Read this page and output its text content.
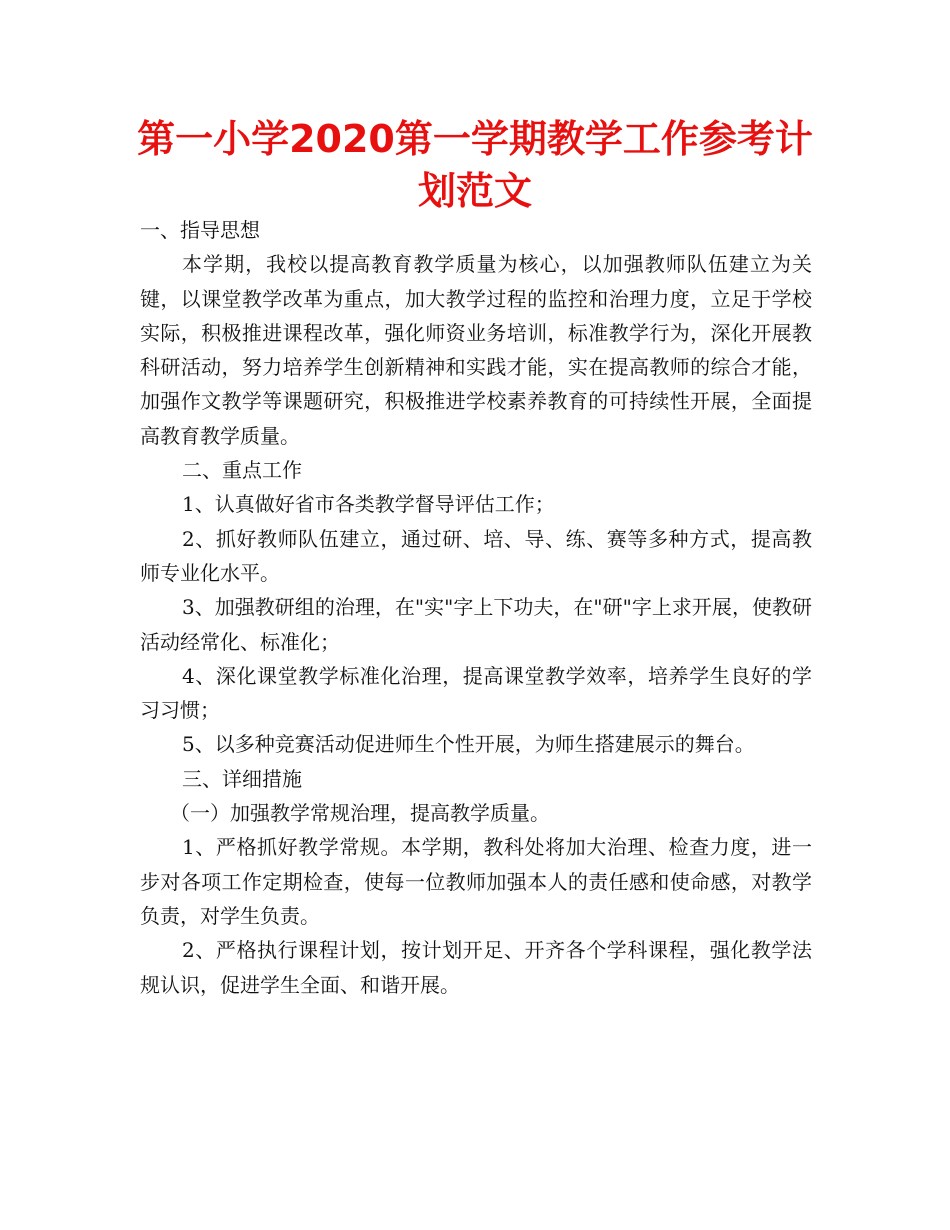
第一小学2020第一学期教学工作参考计划范文

一、指导思想

本学期，我校以提高教育教学质量为核心，以加强教师队伍建立为关键，以课堂教学改革为重点，加大教学过程的监控和治理力度，立足于学校实际，积极推进课程改革，强化师资业务培训，标准教学行为，深化开展教科研活动，努力培养学生创新精神和实践才能，实在提高教师的综合才能，加强作文教学等课题研究，积极推进学校素养教育的可持续性开展，全面提高教育教学质量。

二、重点工作

1、认真做好省市各类教学督导评估工作；

2、抓好教师队伍建立，通过研、培、导、练、赛等多种方式，提高教师专业化水平。

3、加强教研组的治理，在"实"字上下功夫，在"研"字上求开展，使教研活动经常化、标准化；

4、深化课堂教学标准化治理，提高课堂教学效率，培养学生良好的学习习惯；

5、以多种竞赛活动促进师生个性开展，为师生搭建展示的舞台。

三、详细措施

（一）加强教学常规治理，提高教学质量。

1、严格抓好教学常规。本学期，教科处将加大治理、检查力度，进一步对各项工作定期检查，使每一位教师加强本人的责任感和使命感，对教学负责，对学生负责。

2、严格执行课程计划，按计划开足、开齐各个学科课程，强化教学法规认识，促进学生全面、和谐开展。
